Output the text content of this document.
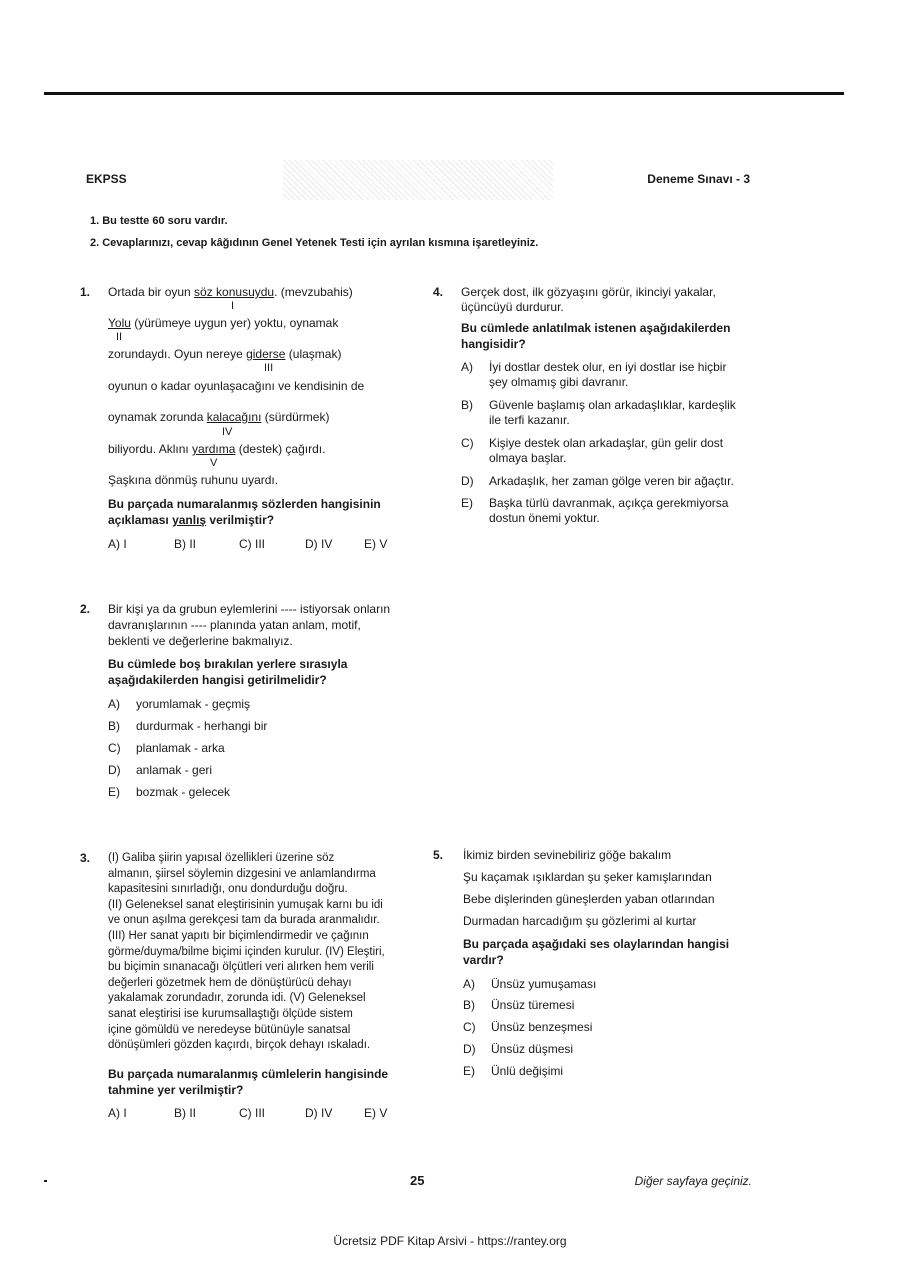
EKPSS	Deneme Sınavı - 3
1. Bu testte 60 soru vardır.
2. Cevaplarınızı, cevap kâğıdının Genel Yetenek Testi için ayrılan kısmına işaretleyiniz.
1. Ortada bir oyun söz konusuydu. (mevzubahis)
I
Yolu (yürümeye uygun yer) yoktu, oynamak
II
zorundaydı. Oyun nereye giderse (ulaşmak)
III
oyunun o kadar oyunlaşacağını ve kendisinin de
oynamak zorunda kalacağını (sürdürmek)
IV
biliyordu. Aklını yardıma (destek) çağırdı.
V
Şaşkına dönmüş ruhunu uyardı.
Bu parçada numaralanmış sözlerden hangisinin
açıklaması yanlış verilmiştir?
A) I	B) II	C) III	D) IV	E) V
2. Bir kişi ya da grubun eylemlerini ---- istiyorsak onların
davranışlarının ---- planında yatan anlam, motif,
beklenti ve değerlerine bakmalıyız.
Bu cümlede boş bırakılan yerlere sırasıyla
aşağıdakilerden hangisi getirilmelidir?
A) yorumlamak - geçmiş
B) durdurmak - herhangi bir
C) planlamak - arka
D) anlamak - geri
E) bozmak - gelecek
3. (I) Galiba şiirin yapısal özellikleri üzerine söz
almanın, şiirsel söylemin dizgesini ve anlamlandırma
kapasitesini sınırladığı, onu dondurduğu doğru.
(II) Geleneksel sanat eleştirisinin yumuşak karnı bu idi
ve onun aşılma gerekçesi tam da burada aranmalıdır.
(III) Her sanat yapıtı bir biçimlendirmedir ve çağının
görme/duyma/bilme biçimi içinden kurulur. (IV) Eleştiri,
bu biçimin sınanacağı ölçütleri veri alırken hem verili
değerleri gözetmek hem de dönüştürücü dehayı
yakalamak zorundadır, zorunda idi. (V) Geleneksel
sanat eleştirisi ise kurumsallaştığı ölçüde sistem
içine gömüldü ve neredeyse bütünüyle sanatsal
dönüşümleri gözden kaçırdı, birçok dehayı ıskaladı.
Bu parçada numaralanmış cümlelerin hangisinde
tahmine yer verilmiştir?
A) I	B) II	C) III	D) IV	E) V
4. Gerçek dost, ilk gözyaşını görür, ikinciyi yakalar,
üçüncüyü durdurur.
Bu cümlede anlatılmak istenen aşağıdakilerden
hangisidir?
A) İyi dostlar destek olur, en iyi dostlar ise hiçbir
şey olmamış gibi davranır.
B) Güvenle başlamış olan arkadaşlıklar, kardeşlik
ile terfi kazanır.
C) Kişiye destek olan arkadaşlar, gün gelir dost
olmaya başlar.
D) Arkadaşlık, her zaman gölge veren bir ağaçtır.
E) Başka türlü davranmak, açıkça gerekmiyorsa
dostun önemi yoktur.
5. İkimiz birden sevinebiliriz göğe bakalım
Şu kaçamak ışıklardan şu şeker kamışlarından
Bebe dişlerinden güneşlerden yaban otlarından
Durmadan harcadığım şu gözlerimi al kurtar
Bu parçada aşağıdaki ses olaylarından hangisi
vardır?
A) Ünsüz yumuşaması
B) Ünsüz türemesi
C) Ünsüz benzeşmesi
D) Ünsüz düşmesi
E) Ünlü değişimi
25	Diğer sayfaya geçiniz.
Ücretsiz PDF Kitap Arsivi - https://rantey.org
